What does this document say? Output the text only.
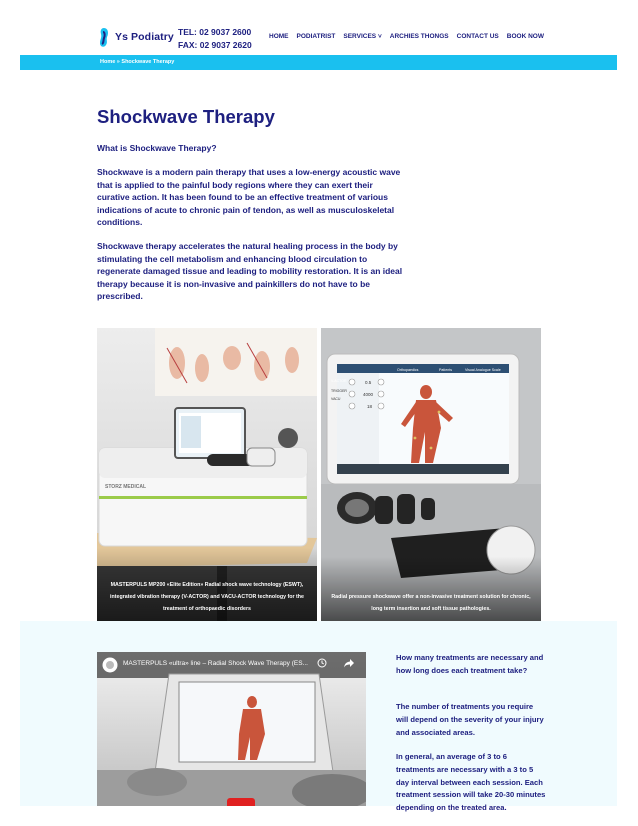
Ys Podiatry TEL: 02 9037 2600
FAX: 02 9037 2620
HOME PODIATRIST SERVICES ˅ ARCHIES THONGS CONTACT US BOOK NOW
Home » Shockwave Therapy
Shockwave Therapy

What is Shockwave Therapy?

Shockwave is a modern pain therapy that uses a low-energy acoustic wave that is applied to the painful body regions where they can exert their curative action. It has been found to be an effective treatment of various indications of acute to chronic pain of tendon, as well as musculoskeletal conditions.

Shockwave therapy accelerates the natural healing process in the body by stimulating the cell metabolism and enhancing blood circulation to regenerate damaged tissue and leading to mobility restoration. It is an ideal therapy because it is non-invasive and painkillers do not have to be prescribed.

MASTERPULS MP200 «Elite Edition» Radial shock wave technology (ESWT), integrated vibration therapy (V-ACTOR) and VACU-ACTOR technology for the treatment of orthopaedic disorders
Radial pressure shockwave offer a non-invasive treatment solution for chronic, long term insertion and soft tissue pathologies.
MASTERPULS «ultra» line – Radial Shock Wave Therapy (ES...

How many treatments are necessary and how long does each treatment take?

The number of treatments you require will depend on the severity of your injury and associated areas.

In general, an average of 3 to 6 treatments are necessary with a 3 to 5 day interval between each session. Each treatment session will take 20-30 minutes depending on the treated area.
